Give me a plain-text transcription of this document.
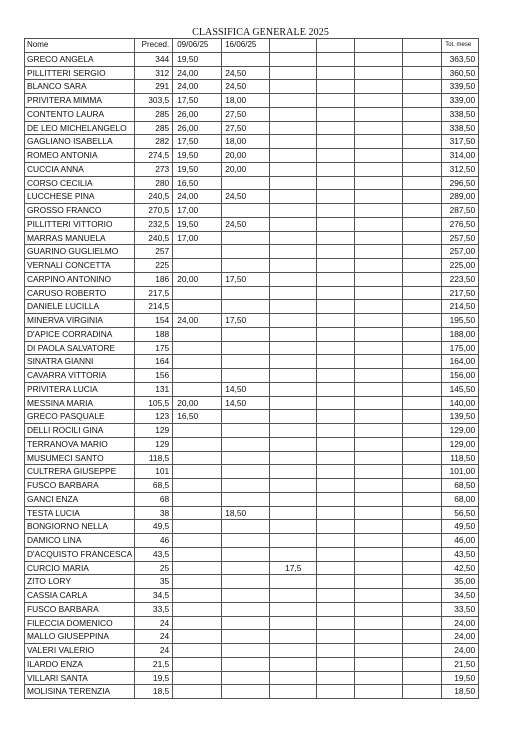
CLASSIFICA GENERALE 2025
Nome	Preced.	09/06/25	16/06/25					Tot. mese
GRECO ANGELA	344	19,50						363,50
PILLITTERI SERGIO	312	24,00	24,50					360,50
BLANCO SARA	291	24,00	24,50					339,50
PRIVITERA MIMMA	303,5	17,50	18,00					339,00
CONTENTO LAURA	285	26,00	27,50					338,50
DE LEO MICHELANGELO	285	26,00	27,50					338,50
GAGLIANO ISABELLA	282	17,50	18,00					317,50
ROMEO ANTONIA	274,5	19,50	20,00					314,00
CUCCIA ANNA	273	19,50	20,00					312,50
CORSO CECILIA	280	16,50						296,50
LUCCHESE PINA	240,5	24,00	24,50					289,00
GROSSO FRANCO	270,5	17,00						287,50
PILLITTERI VITTORIO	232,5	19,50	24,50					276,50
MARRAS MANUELA	240,5	17,00						257,50
GUARINO GUGLIELMO	257							257,00
VERNALI CONCETTA	225							225,00
CARPINO ANTONINO	186	20,00	17,50					223,50
CARUSO ROBERTO	217,5							217,50
DANIELE LUCILLA	214,5							214,50
MINERVA VIRGINIA	154	24,00	17,50					195,50
D'APICE CORRADINA	188							188,00
DI PAOLA SALVATORE	175							175,00
SINATRA GIANNI	164							164,00
CAVARRA VITTORIA	156							156,00
PRIVITERA LUCIA	131		14,50					145,50
MESSINA MARIA	105,5	20,00	14,50					140,00
GRECO PASQUALE	123	16,50						139,50
DELLI ROCILI GINA	129							129,00
TERRANOVA MARIO	129							129,00
MUSUMECI SANTO	118,5							118,50
CULTRERA GIUSEPPE	101							101,00
FUSCO BARBARA	68,5							68,50
GANCI ENZA	68							68,00
TESTA LUCIA	38		18,50					56,50
BONGIORNO NELLA	49,5							49,50
DAMICO LINA	46							46,00
D'ACQUISTO FRANCESCA	43,5							43,50
CURCIO MARIA	25			17,5				42,50
ZITO LORY	35							35,00
CASSIA CARLA	34,5							34,50
FUSCO BARBARA	33,5							33,50
FILECCIA DOMENICO	24							24,00
MALLO GIUSEPPINA	24							24,00
VALERI VALERIO	24							24,00
ILARDO ENZA	21,5							21,50
VILLARI SANTA	19,5							19,50
MOLISINA TERENZIA	18,5							18,50
